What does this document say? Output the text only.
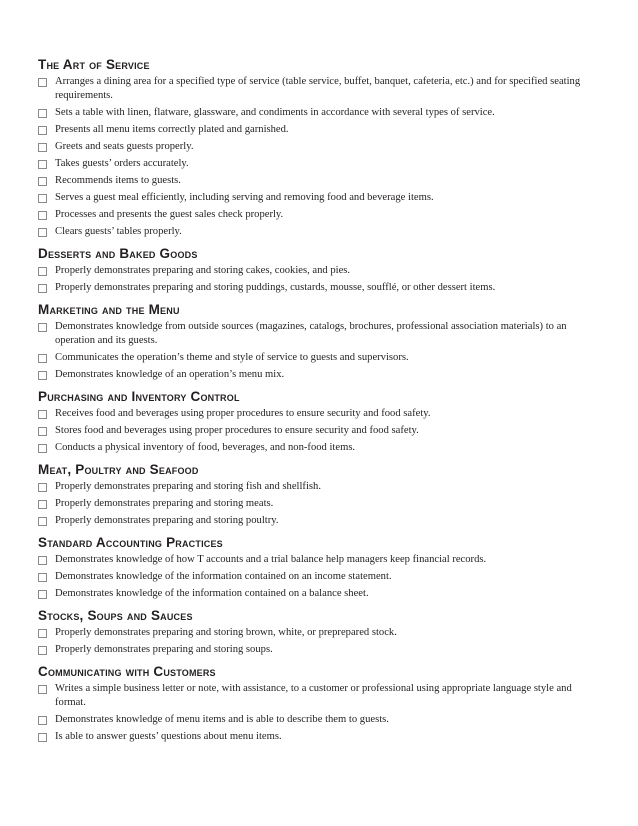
The Art of Service
Arranges a dining area for a specified type of service (table service, buffet, banquet, cafeteria, etc.) and for specified seating requirements.
Sets a table with linen, flatware, glassware, and condiments in accordance with several types of service.
Presents all menu items correctly plated and garnished.
Greets and seats guests properly.
Takes guests’ orders accurately.
Recommends items to guests.
Serves a guest meal efficiently, including serving and removing food and beverage items.
Processes and presents the guest sales check properly.
Clears guests’ tables properly.
Desserts and Baked Goods
Properly demonstrates preparing and storing cakes, cookies, and pies.
Properly demonstrates preparing and storing puddings, custards, mousse, soufflé, or other dessert items.
Marketing and the Menu
Demonstrates knowledge from outside sources (magazines, catalogs, brochures, professional association materials) to an operation and its guests.
Communicates the operation’s theme and style of service to guests and supervisors.
Demonstrates knowledge of an operation’s menu mix.
Purchasing and Inventory Control
Receives food and beverages using proper procedures to ensure security and food safety.
Stores food and beverages using proper procedures to ensure security and food safety.
Conducts a physical inventory of food, beverages, and non-food items.
Meat, Poultry and Seafood
Properly demonstrates preparing and storing fish and shellfish.
Properly demonstrates preparing and storing meats.
Properly demonstrates preparing and storing poultry.
Standard Accounting Practices
Demonstrates knowledge of how T accounts and a trial balance help managers keep financial records.
Demonstrates knowledge of the information contained on an income statement.
Demonstrates knowledge of the information contained on a balance sheet.
Stocks, Soups and Sauces
Properly demonstrates preparing and storing brown, white, or preprepared stock.
Properly demonstrates preparing and storing soups.
Communicating with Customers
Writes a simple business letter or note, with assistance, to a customer or professional using appropriate language style and format.
Demonstrates knowledge of menu items and is able to describe them to guests.
Is able to answer guests’ questions about menu items.
